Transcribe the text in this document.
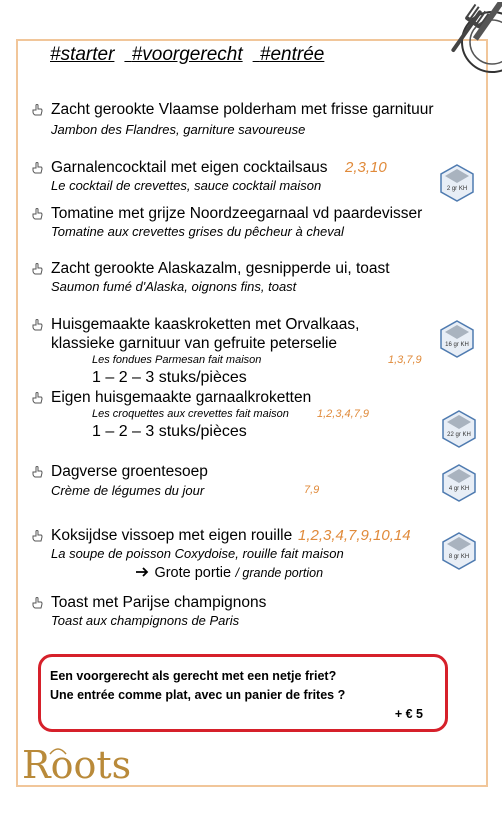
#starter #voorgerecht #entrée
Zacht gerookte Vlaamse polderham met frisse garnituur
Jambon des Flandres, garniture savoureuse
Garnalencocktail met eigen cocktailsaus 2,3,10
Le cocktail de crevettes, sauce cocktail maison
Tomatine met grijze Noordzeegarnaal vd paardevisser
Tomatine aux crevettes grises du pêcheur à cheval
Zacht gerookte Alaskazalm, gesnipperde ui, toast
Saumon fumé d'Alaska, oignons fins, toast
Huisgemaakte kaaskroketten met Orvalkaas,
klassieke garnituur van gefruite peterselie
Les fondues Parmesan fait maison	1,3,7,9
1 – 2 – 3 stuks/pièces
Eigen huisgemaakte garnaalkroketten
Les croquettes aux crevettes fait maison	1,2,3,4,7,9
1 – 2 – 3 stuks/pièces
Dagverse groentesoep
Crème de légumes du jour	7,9
Koksijdse vissoep met eigen rouille 1,2,3,4,7,9,10,14
La soupe de poisson Coxydoise, rouille fait maison
Grote portie / grande portion
Toast met Parijse champignons
Toast aux champignons de Paris
2 gr KH
16 gr KH
22 gr KH
4 gr KH
8 gr KH
Een voorgerecht als gerecht met een netje friet?
Une entrée comme plat, avec un panier de frites ?
+ € 5
Roots
